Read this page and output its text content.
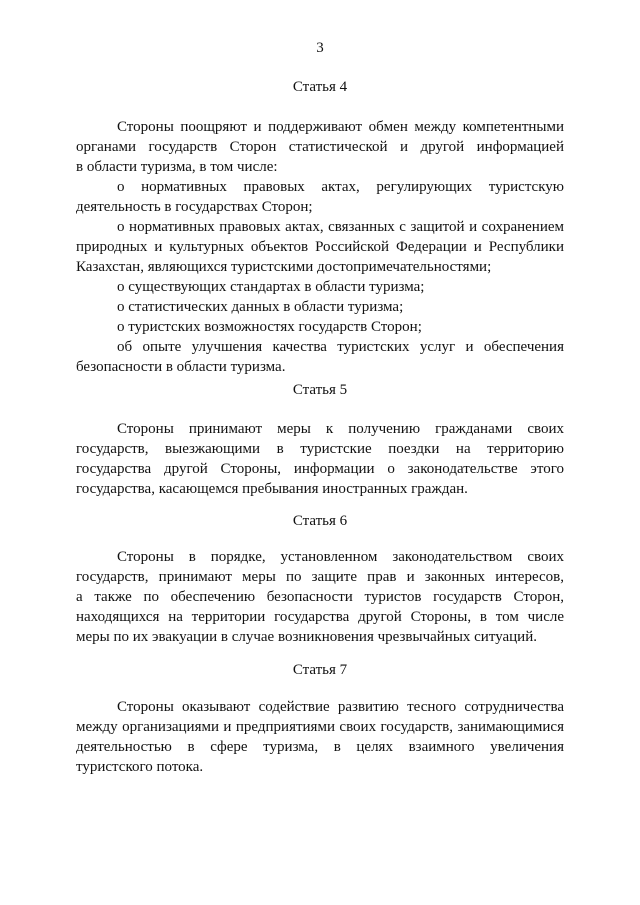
3
Статья 4
Стороны поощряют и поддерживают обмен между компетентными
органами государств Сторон статистической и другой информацией
в области туризма, в том числе:
о нормативных правовых актах, регулирующих туристскую
деятельность в государствах Сторон;
о нормативных правовых актах, связанных с защитой и сохранением
природных и культурных объектов Российской Федерации и Республики
Казахстан, являющихся туристскими достопримечательностями;
о существующих стандартах в области туризма;
о статистических данных в области туризма;
о туристских возможностях государств Сторон;
об опыте улучшения качества туристских услуг и обеспечения
безопасности в области туризма.
Статья 5
Стороны принимают меры к получению гражданами своих
государств, выезжающими в туристские поездки на территорию
государства другой Стороны, информации о законодательстве этого
государства, касающемся пребывания иностранных граждан.
Статья 6
Стороны в порядке, установленном законодательством своих
государств, принимают меры по защите прав и законных интересов,
а также по обеспечению безопасности туристов государств Сторон,
находящихся на территории государства другой Стороны, в том числе
меры по их эвакуации в случае возникновения чрезвычайных ситуаций.
Статья 7
Стороны оказывают содействие развитию тесного сотрудничества
между организациями и предприятиями своих государств, занимающимися
деятельностью в сфере туризма, в целях взаимного увеличения
туристского потока.
